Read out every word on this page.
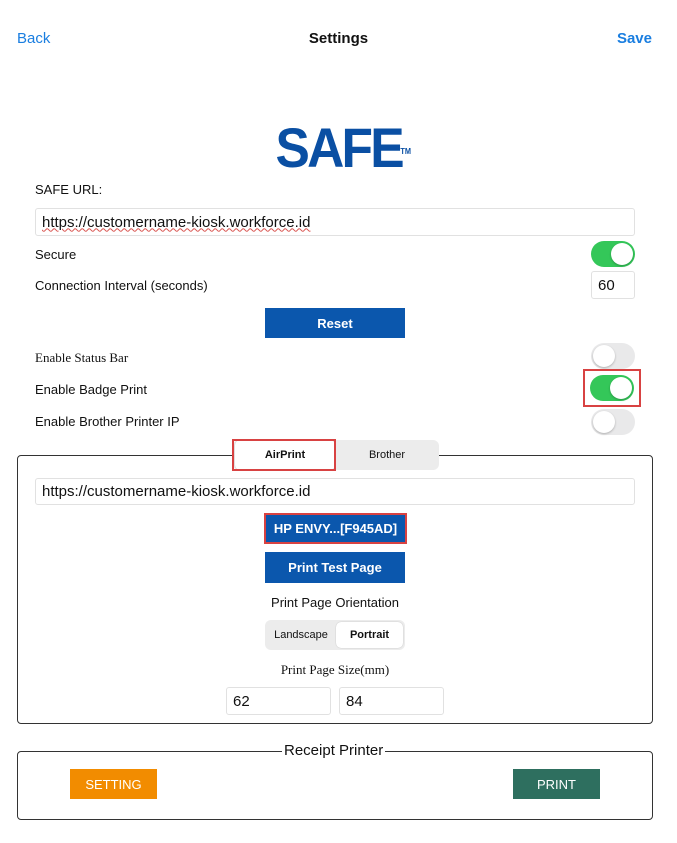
Settings
Back	Save
SAFE
TM
SAFE URL:
https://customername-kiosk.workforce.id
Secure
Connection Interval (seconds)	60
Reset
Enable Status Bar
Enable Badge Print
Enable Brother Printer IP
AirPrint	Brother
https://customername-kiosk.workforce.id
HP ENVY...[F945AD]
Print Test Page
Print Page Orientation
Landscape	Portrait
Print Page Size(mm)
62	84
Receipt Printer
SETTING	PRINT
